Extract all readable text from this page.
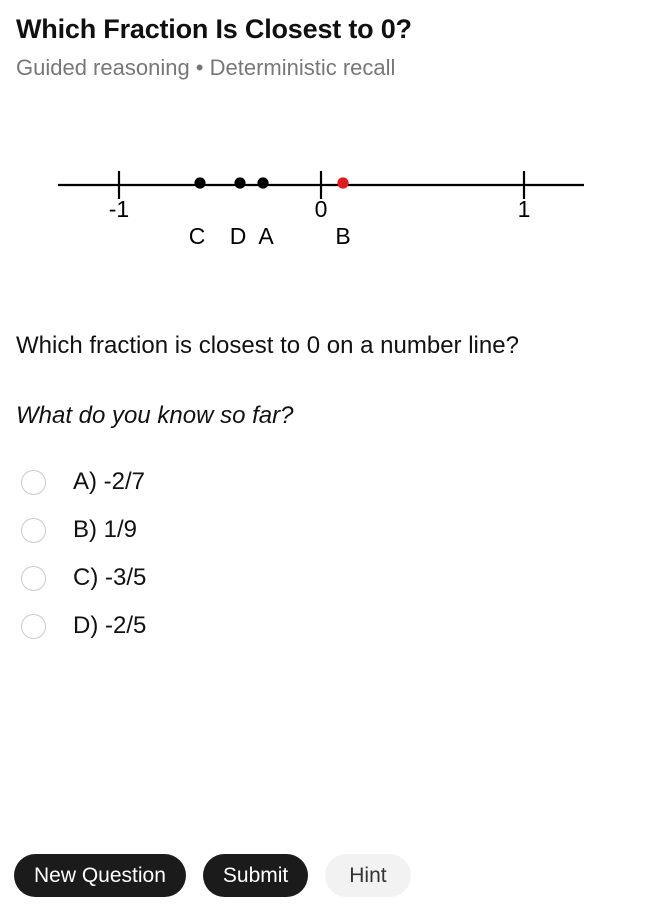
Which Fraction Is Closest to 0?
Guided reasoning • Deterministic recall
-1	0	1
C D A	B
Which fraction is closest to 0 on a number line?
What do you know so far?
A) -2/7
B) 1/9
C) -3/5
D) -2/5
New Question	Submit	Hint
